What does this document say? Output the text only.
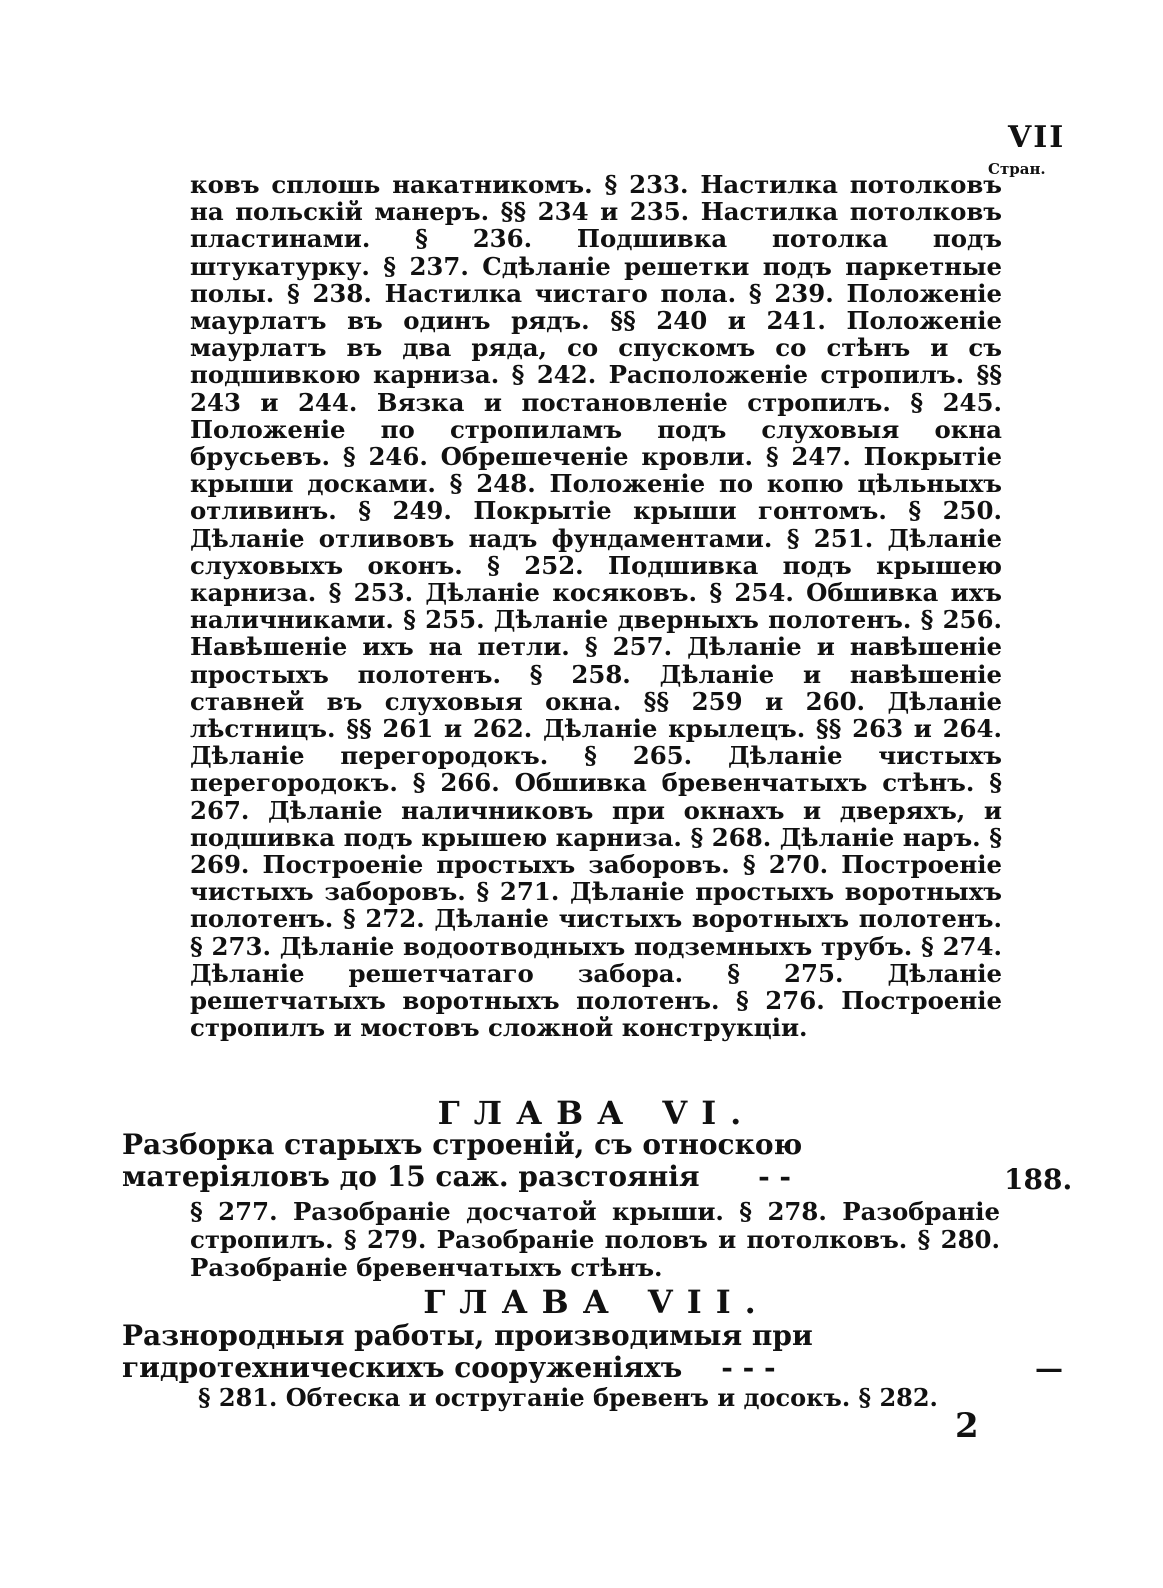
VII
Стран.

ковъ сплошь накатникомъ. § 233. Настилка потолковъ на польскій манеръ. §§ 234 и 235. Настилка потолковъ пластинами. § 236. Подшивка потолка подъ штукатурку. § 237. Сдѣланіе решетки подъ паркетные полы. § 238. Настилка чистаго пола. § 239. Положеніе маурлатъ въ одинъ рядъ. §§ 240 и 241. Положеніе маурлатъ въ два ряда, со спускомъ со стѣнъ и съ подшивкою карниза. § 242. Расположеніе стропилъ. §§ 243 и 244. Вязка и постановленіе стропилъ. § 245. Положеніе по стропиламъ подъ слуховыя окна брусьевъ. § 246. Обрешеченіе кровли. § 247. Покрытіе крыши досками. § 248. Положеніе по копю цѣльныхъ отливинъ. § 249. Покрытіе крыши гонтомъ. § 250. Дѣланіе отливовъ надъ фундаментами. § 251. Дѣланіе слуховыхъ оконъ. § 252. Подшивка подъ крышею карниза. § 253. Дѣланіе косяковъ. § 254. Обшивка ихъ наличниками. § 255. Дѣланіе дверныхъ полотенъ. § 256. Навѣшеніе ихъ на петли. § 257. Дѣланіе и навѣшеніе простыхъ полотенъ. § 258. Дѣланіе и навѣшеніе ставней въ слуховыя окна. §§ 259 и 260. Дѣланіе лѣстницъ. §§ 261 и 262. Дѣланіе крылецъ. §§ 263 и 264. Дѣланіе перегородокъ. § 265. Дѣланіе чистыхъ перегородокъ. § 266. Обшивка бревенчатыхъ стѣнъ. § 267. Дѣланіе наличниковъ при окнахъ и дверяхъ, и подшивка подъ крышею карниза. § 268. Дѣланіе наръ. § 269. Построеніе простыхъ заборовъ. § 270. Построеніе чистыхъ заборовъ. § 271. Дѣланіе простыхъ воротныхъ полотенъ. § 272. Дѣланіе чистыхъ воротныхъ полотенъ. § 273. Дѣланіе водоотводныхъ подземныхъ трубъ. § 274. Дѣланіе решетчатаго забора. § 275. Дѣланіе решетчатыхъ воротныхъ полотенъ. § 276. Построеніе стропилъ и мостовъ сложной конструкціи.

ГЛАВА VI.

Разборка старыхъ строеній, съ относкою матеріяловъ до 15 саж. разстоянія - -	188.

§ 277. Разобраніе досчатой крыши. § 278. Разобраніе стропилъ. § 279. Разобраніе половъ и потолковъ. § 280. Разобраніе бревенчатыхъ стѣнъ.

ГЛАВА VII.

Разнородныя работы, производимыя при гидротехническихъ сооруженіяхъ - - -	—

§ 281. Обтеска и оструганіе бревенъ и досокъ. § 282.

2
